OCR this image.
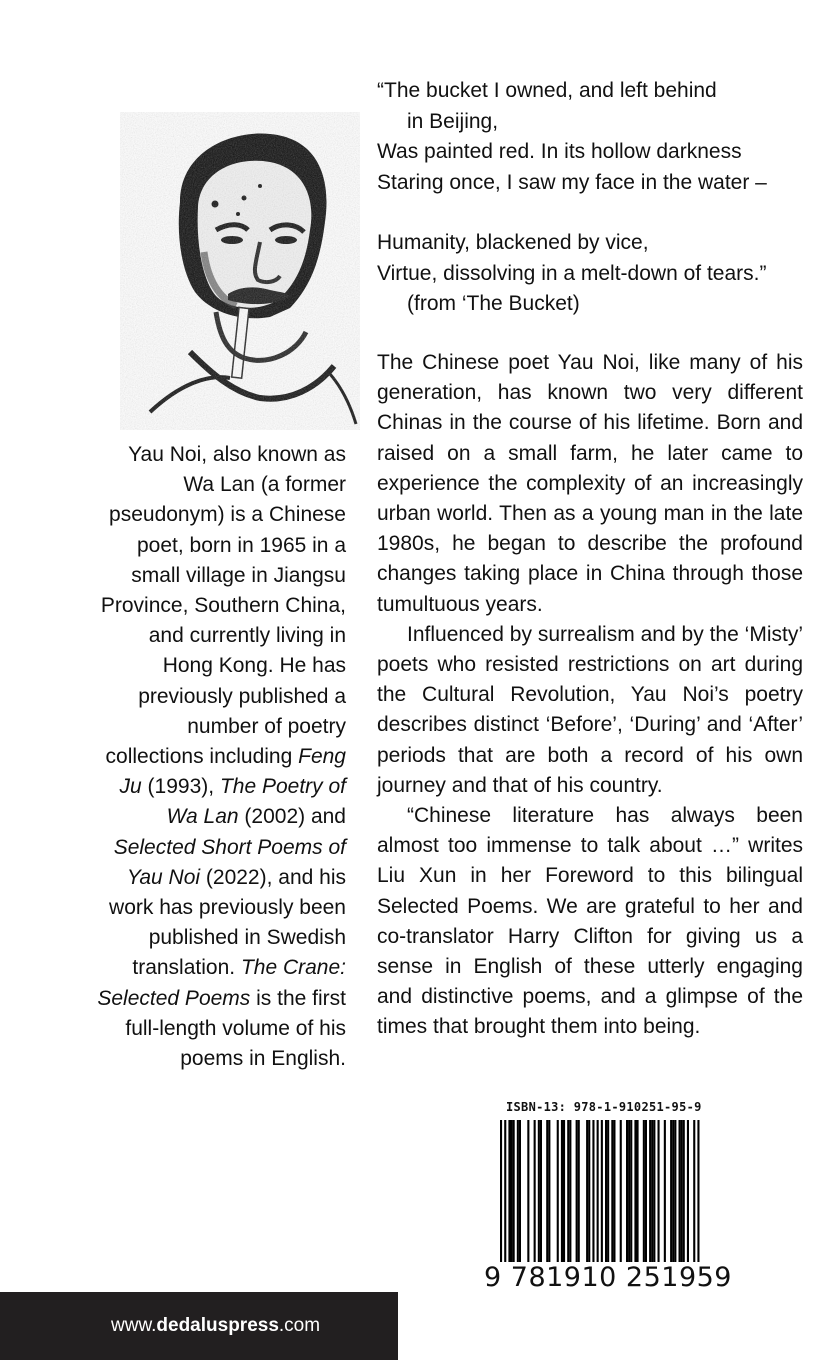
Yau Noi, also known as Wa Lan (a former pseudonym) is a Chinese poet, born in 1965 in a small village in Jiangsu Province, Southern China, and currently living in Hong Kong. He has previously published a number of poetry collections including Feng Ju (1993), The Poetry of Wa Lan (2002) and Selected Short Poems of Yau Noi (2022), and his work has previously been published in Swedish translation. The Crane: Selected Poems is the first full-length volume of his poems in English.

“The bucket I owned, and left behind
in Beijing,
Was painted red. In its hollow darkness
Staring once, I saw my face in the water –
Humanity, blackened by vice,
Virtue, dissolving in a melt-down of tears.”
(from ‘The Bucket)

The Chinese poet Yau Noi, like many of his generation, has known two very different Chinas in the course of his lifetime. Born and raised on a small farm, he later came to experience the complexity of an increasingly urban world. Then as a young man in the late 1980s, he began to describe the profound changes taking place in China through those tumultuous years.

Influenced by surrealism and by the ‘Misty’ poets who resisted restrictions on art during the Cultural Revolution, Yau Noi’s poetry describes distinct ‘Before’, ‘During’ and ‘After’ periods that are both a record of his own journey and that of his country.

“Chinese literature has always been almost too immense to talk about …” writes Liu Xun in her Foreword to this bilingual Selected Poems. We are grateful to her and co-translator Harry Clifton for giving us a sense in English of these utterly engaging and distinctive poems, and a glimpse of the times that brought them into being.

ISBN-13: 978-1-910251-95-9
9 781910 251959
www.dedaluspress.com
